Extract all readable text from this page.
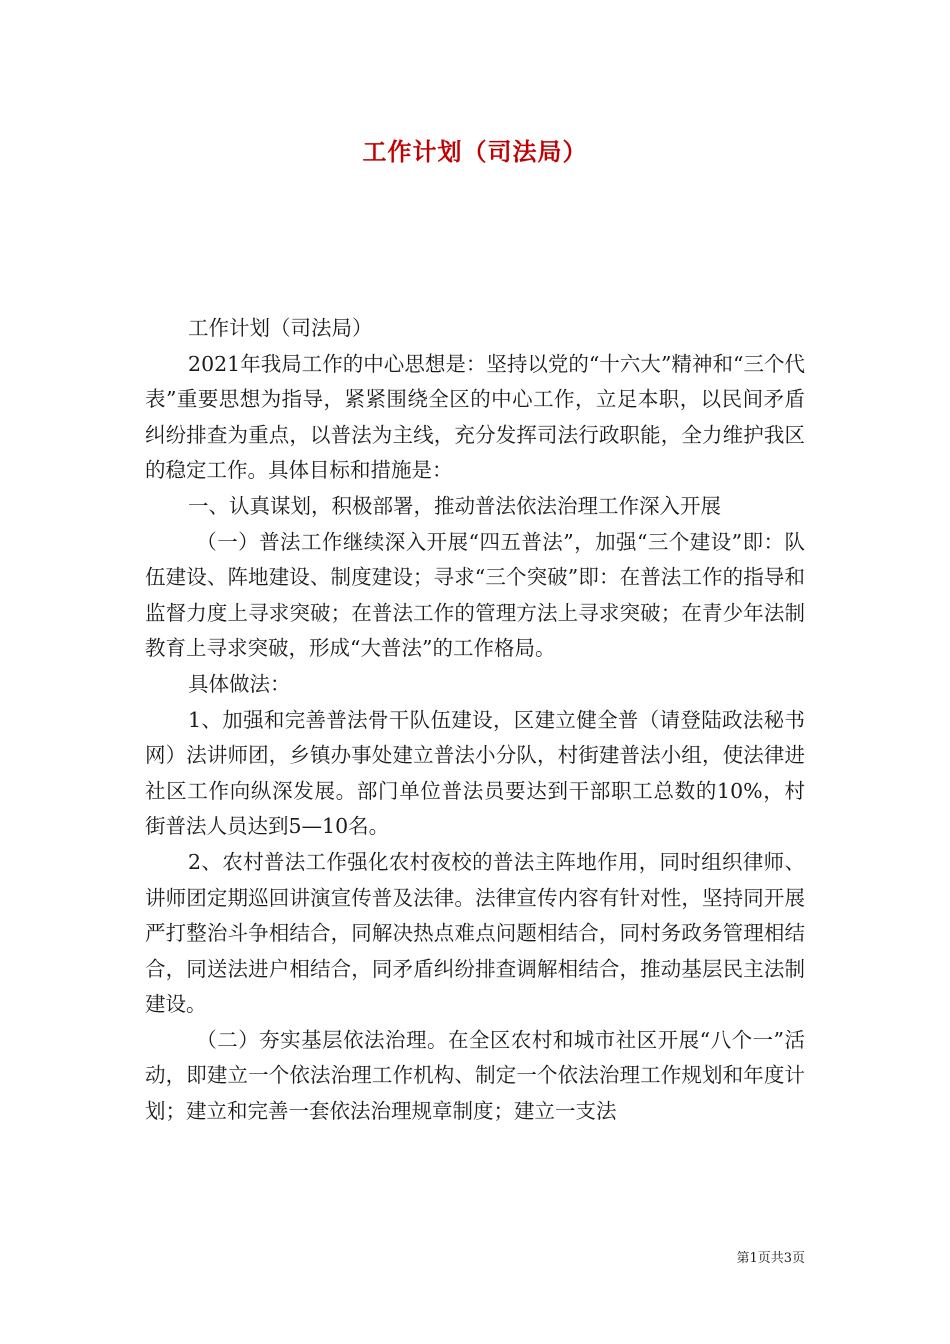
工作计划（司法局）

工作计划（司法局）

2021年我局工作的中心思想是：坚持以党的“十六大”精神和“三个代表”重要思想为指导，紧紧围绕全区的中心工作，立足本职，以民间矛盾纠纷排查为重点，以普法为主线，充分发挥司法行政职能，全力维护我区的稳定工作。具体目标和措施是：

一、认真谋划，积极部署，推动普法依法治理工作深入开展

（一）普法工作继续深入开展“四五普法”，加强“三个建设”即：队伍建设、阵地建设、制度建设；寻求“三个突破”即：在普法工作的指导和监督力度上寻求突破；在普法工作的管理方法上寻求突破；在青少年法制教育上寻求突破，形成“大普法”的工作格局。

具体做法：

1、加强和完善普法骨干队伍建设，区建立健全普（请登陆政法秘书网）法讲师团，乡镇办事处建立普法小分队，村街建普法小组，使法律进社区工作向纵深发展。部门单位普法员要达到干部职工总数的10%，村街普法人员达到5—10名。

2、农村普法工作强化农村夜校的普法主阵地作用，同时组织律师、讲师团定期巡回讲演宣传普及法律。法律宣传内容有针对性，坚持同开展严打整治斗争相结合，同解决热点难点问题相结合，同村务政务管理相结合，同送法进户相结合，同矛盾纠纷排查调解相结合，推动基层民主法制建设。

（二）夯实基层依法治理。在全区农村和城市社区开展“八个一”活动，即建立一个依法治理工作机构、制定一个依法治理工作规划和年度计划；建立和完善一套依法治理规章制度；建立一支法

第1页共3页
